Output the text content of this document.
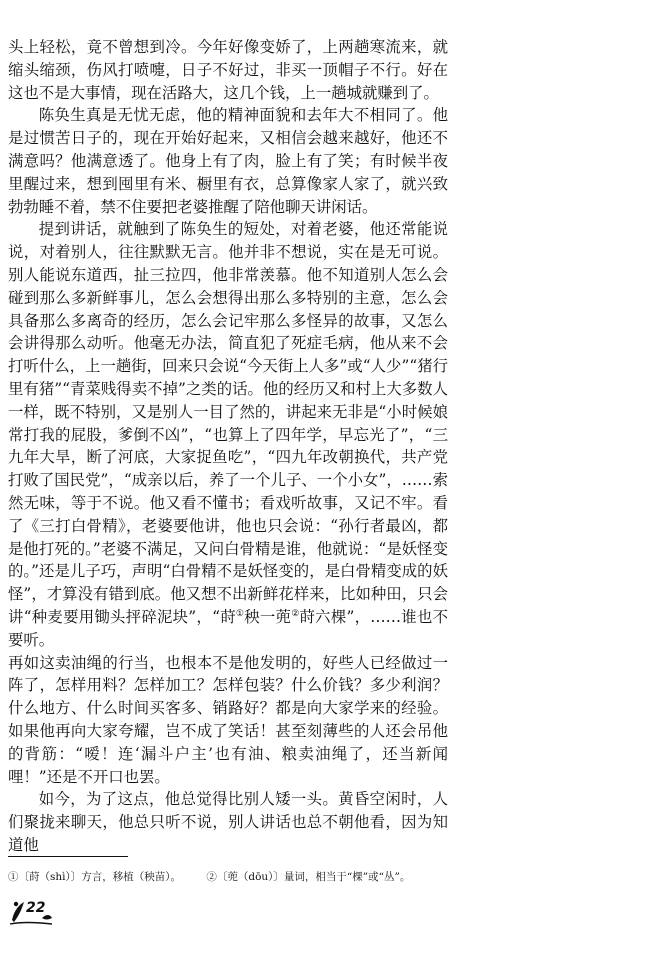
头上轻松，竟不曾想到冷。今年好像变娇了，上两趟寒流来，就缩头缩颈，伤风打喷嚏，日子不好过，非买一顶帽子不行。好在这也不是大事情，现在活路大，这几个钱，上一趟城就赚到了。

陈奂生真是无忧无虑，他的精神面貌和去年大不相同了。他是过惯苦日子的，现在开始好起来，又相信会越来越好，他还不满意吗？他满意透了。他身上有了肉，脸上有了笑；有时候半夜里醒过来，想到囤里有米、橱里有衣，总算像家人家了，就兴致勃勃睡不着，禁不住要把老婆推醒了陪他聊天讲闲话。

提到讲话，就触到了陈奂生的短处，对着老婆，他还常能说说，对着别人，往往默默无言。他并非不想说，实在是无可说。别人能说东道西，扯三拉四，他非常羡慕。他不知道别人怎么会碰到那么多新鲜事儿，怎么会想得出那么多特别的主意，怎么会具备那么多离奇的经历，怎么会记牢那么多怪异的故事，又怎么会讲得那么动听。他毫无办法，简直犯了死症毛病，他从来不会打听什么，上一趟街，回来只会说“今天街上人多”或“人少”“猪行里有猪”“青菜贱得卖不掉”之类的话。他的经历又和村上大多数人一样，既不特别，又是别人一目了然的，讲起来无非是“小时候娘常打我的屁股，爹倒不凶”，“也算上了四年学，早忘光了”，“三九年大旱，断了河底，大家捉鱼吃”，“四九年改朝换代，共产党打败了国民党”，“成亲以后，养了一个儿子、一个小女”，……索然无味，等于不说。他又看不懂书；看戏听故事，又记不牢。看了《三打白骨精》，老婆要他讲，他也只会说：“孙行者最凶，都是他打死的。”老婆不满足，又问白骨精是谁，他就说：“是妖怪变的。”还是儿子巧，声明“白骨精不是妖怪变的，是白骨精变成的妖怪”，才算没有错到底。他又想不出新鲜花样来，比如种田，只会讲“种麦要用锄头抨碎泥块”，“莳①秧一蔸②莳六棵”，……谁也不要听。

再如这卖油绳的行当，也根本不是他发明的，好些人已经做过一阵了，怎样用料？怎样加工？怎样包装？什么价钱？多少利润？什么地方、什么时间买客多、销路好？都是向大家学来的经验。如果他再向大家夸耀，岂不成了笑话！甚至刻薄些的人还会吊他的背筋：“嗳！连‘漏斗户主’也有油、粮卖油绳了，还当新闻哩！”还是不开口也罢。

如今，为了这点，他总觉得比别人矮一头。黄昏空闲时，人们聚拢来聊天，他总只听不说，别人讲话也总不朝他看，因为知道他

①〔莳（shì）〕方言，移植（秧苗）。 ②〔蔸（dōu）〕量词，相当于“棵”或“丛”。
22
